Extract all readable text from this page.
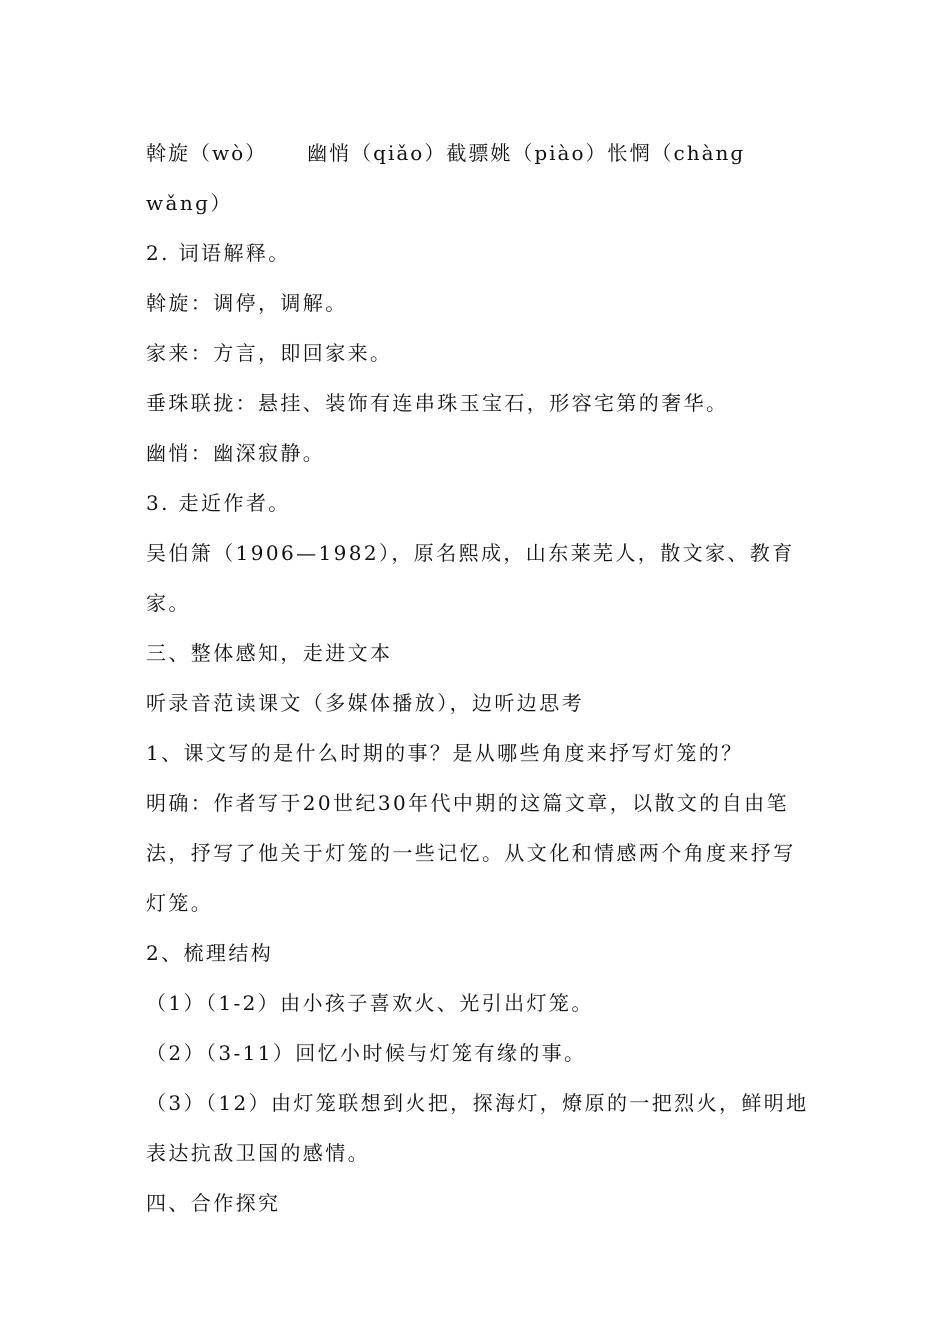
斡旋（wò） 幽悄（qiǎo）截骠姚（piào）怅惘（chànɡ
wǎnɡ）
2. 词语解释。
斡旋：调停，调解。
家来：方言，即回家来。
垂珠联拢：悬挂、装饰有连串珠玉宝石，形容宅第的奢华。
幽悄：幽深寂静。
3. 走近作者。
吴伯箫（1906—1982），原名熙成，山东莱芜人，散文家、教育
家。
三、整体感知，走进文本
听录音范读课文（多媒体播放），边听边思考
1、课文写的是什么时期的事？是从哪些角度来抒写灯笼的？
明确：作者写于20世纪30年代中期的这篇文章，以散文的自由笔
法，抒写了他关于灯笼的一些记忆。从文化和情感两个角度来抒写
灯笼。
2、梳理结构
（1）（1-2）由小孩子喜欢火、光引出灯笼。
（2）（3-11）回忆小时候与灯笼有缘的事。
（3）（12）由灯笼联想到火把，探海灯，燎原的一把烈火，鲜明地
表达抗敌卫国的感情。
四、合作探究
